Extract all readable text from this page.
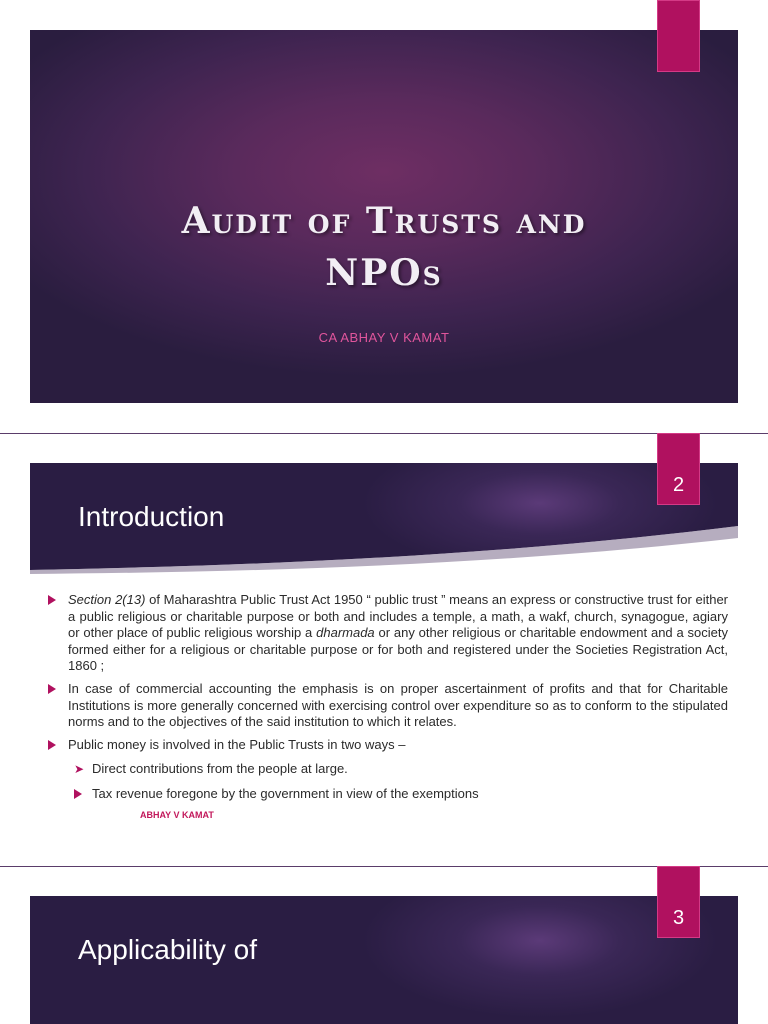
Audit of Trusts and
NPOs
CA ABHAY V KAMAT
Introduction
2
Section 2(13) of Maharashtra Public Trust Act 1950 “ public trust ” means an express or constructive trust for either a public religious or charitable purpose or both and includes a temple, a math, a wakf, church, synagogue, agiary or other place of public religious worship a dharmada or any other religious or charitable endowment and a society formed either for a religious or charitable purpose or for both and registered under the Societies Registration Act, 1860 ;
In case of commercial accounting the emphasis is on proper ascertainment of profits and that for Charitable Institutions is more generally concerned with exercising control over expenditure so as to conform to the stipulated norms and to the objectives of the said institution to which it relates.
Public money is involved in the Public Trusts in two ways –
➤ Direct contributions from the people at large.
Tax revenue foregone by the government in view of the exemptions
ABHAY V KAMAT
Applicability of
3
